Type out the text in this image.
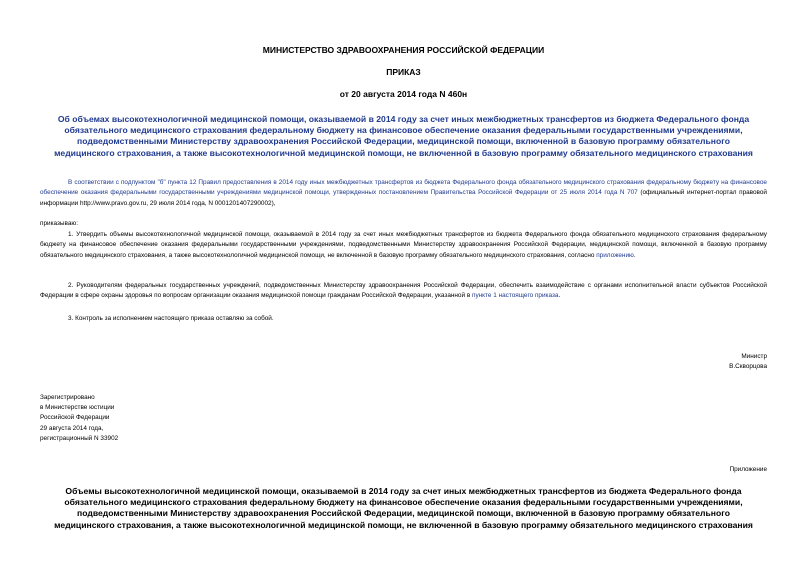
МИНИСТЕРСТВО ЗДРАВООХРАНЕНИЯ РОССИЙСКОЙ ФЕДЕРАЦИИ
ПРИКАЗ
от 20 августа 2014 года N 460н
Об объемах высокотехнологичной медицинской помощи, оказываемой в 2014 году за счет иных межбюджетных трансфертов из бюджета Федерального фонда
обязательного медицинского страхования федеральному бюджету на финансовое обеспечение оказания федеральными государственными учреждениями,
подведомственными Министерству здравоохранения Российской Федерации, медицинской помощи, включенной в базовую программу обязательного
медицинского страхования, а также высокотехнологичной медицинской помощи, не включенной в базовую программу обязательного медицинского страхования
В соответствии с подпунктом "б" пункта 12 Правил предоставления в 2014 году иных межбюджетных трансфертов из бюджета Федерального фонда обязательного медицинского страхования федеральному бюджету на финансовое обеспечение оказания федеральными государственными учреждениями медицинской помощи, утвержденных постановлением Правительства Российской Федерации от 25 июля 2014 года N 707 (официальный интернет-портал правовой информации http://www.pravo.gov.ru, 29 июля 2014 года, N 0001201407290002),
приказываю:
1. Утвердить объемы высокотехнологичной медицинской помощи, оказываемой в 2014 году за счет иных межбюджетных трансфертов из бюджета Федерального фонда обязательного медицинского страхования федеральному бюджету на финансовое обеспечение оказания федеральными государственными учреждениями, подведомственными Министерству здравоохранения Российской Федерации, медицинской помощи, включенной в базовую программу обязательного медицинского страхования, а также высокотехнологичной медицинской помощи, не включенной в базовую программу обязательного медицинского страхования, согласно приложению.
2. Руководителям федеральных государственных учреждений, подведомственных Министерству здравоохранения Российской Федерации, обеспечить взаимодействие с органами исполнительной власти субъектов Российской Федерации в сфере охраны здоровья по вопросам организации оказания медицинской помощи гражданам Российской Федерации, указанной в пункте 1 настоящего приказа.
3. Контроль за исполнением настоящего приказа оставляю за собой.
Министр
В.Скворцова
Зарегистрировано
в Министерстве юстиции
Российской Федерации
29 августа 2014 года,
регистрационный N 33902
Приложение
Объемы высокотехнологичной медицинской помощи, оказываемой в 2014 году за счет иных межбюджетных трансфертов из бюджета Федерального фонда
обязательного медицинского страхования федеральному бюджету на финансовое обеспечение оказания федеральными государственными учреждениями,
подведомственными Министерству здравоохранения Российской Федерации, медицинской помощи, включенной в базовую программу обязательного
медицинского страхования, а также высокотехнологичной медицинской помощи, не включенной в базовую программу обязательного медицинского страхования
